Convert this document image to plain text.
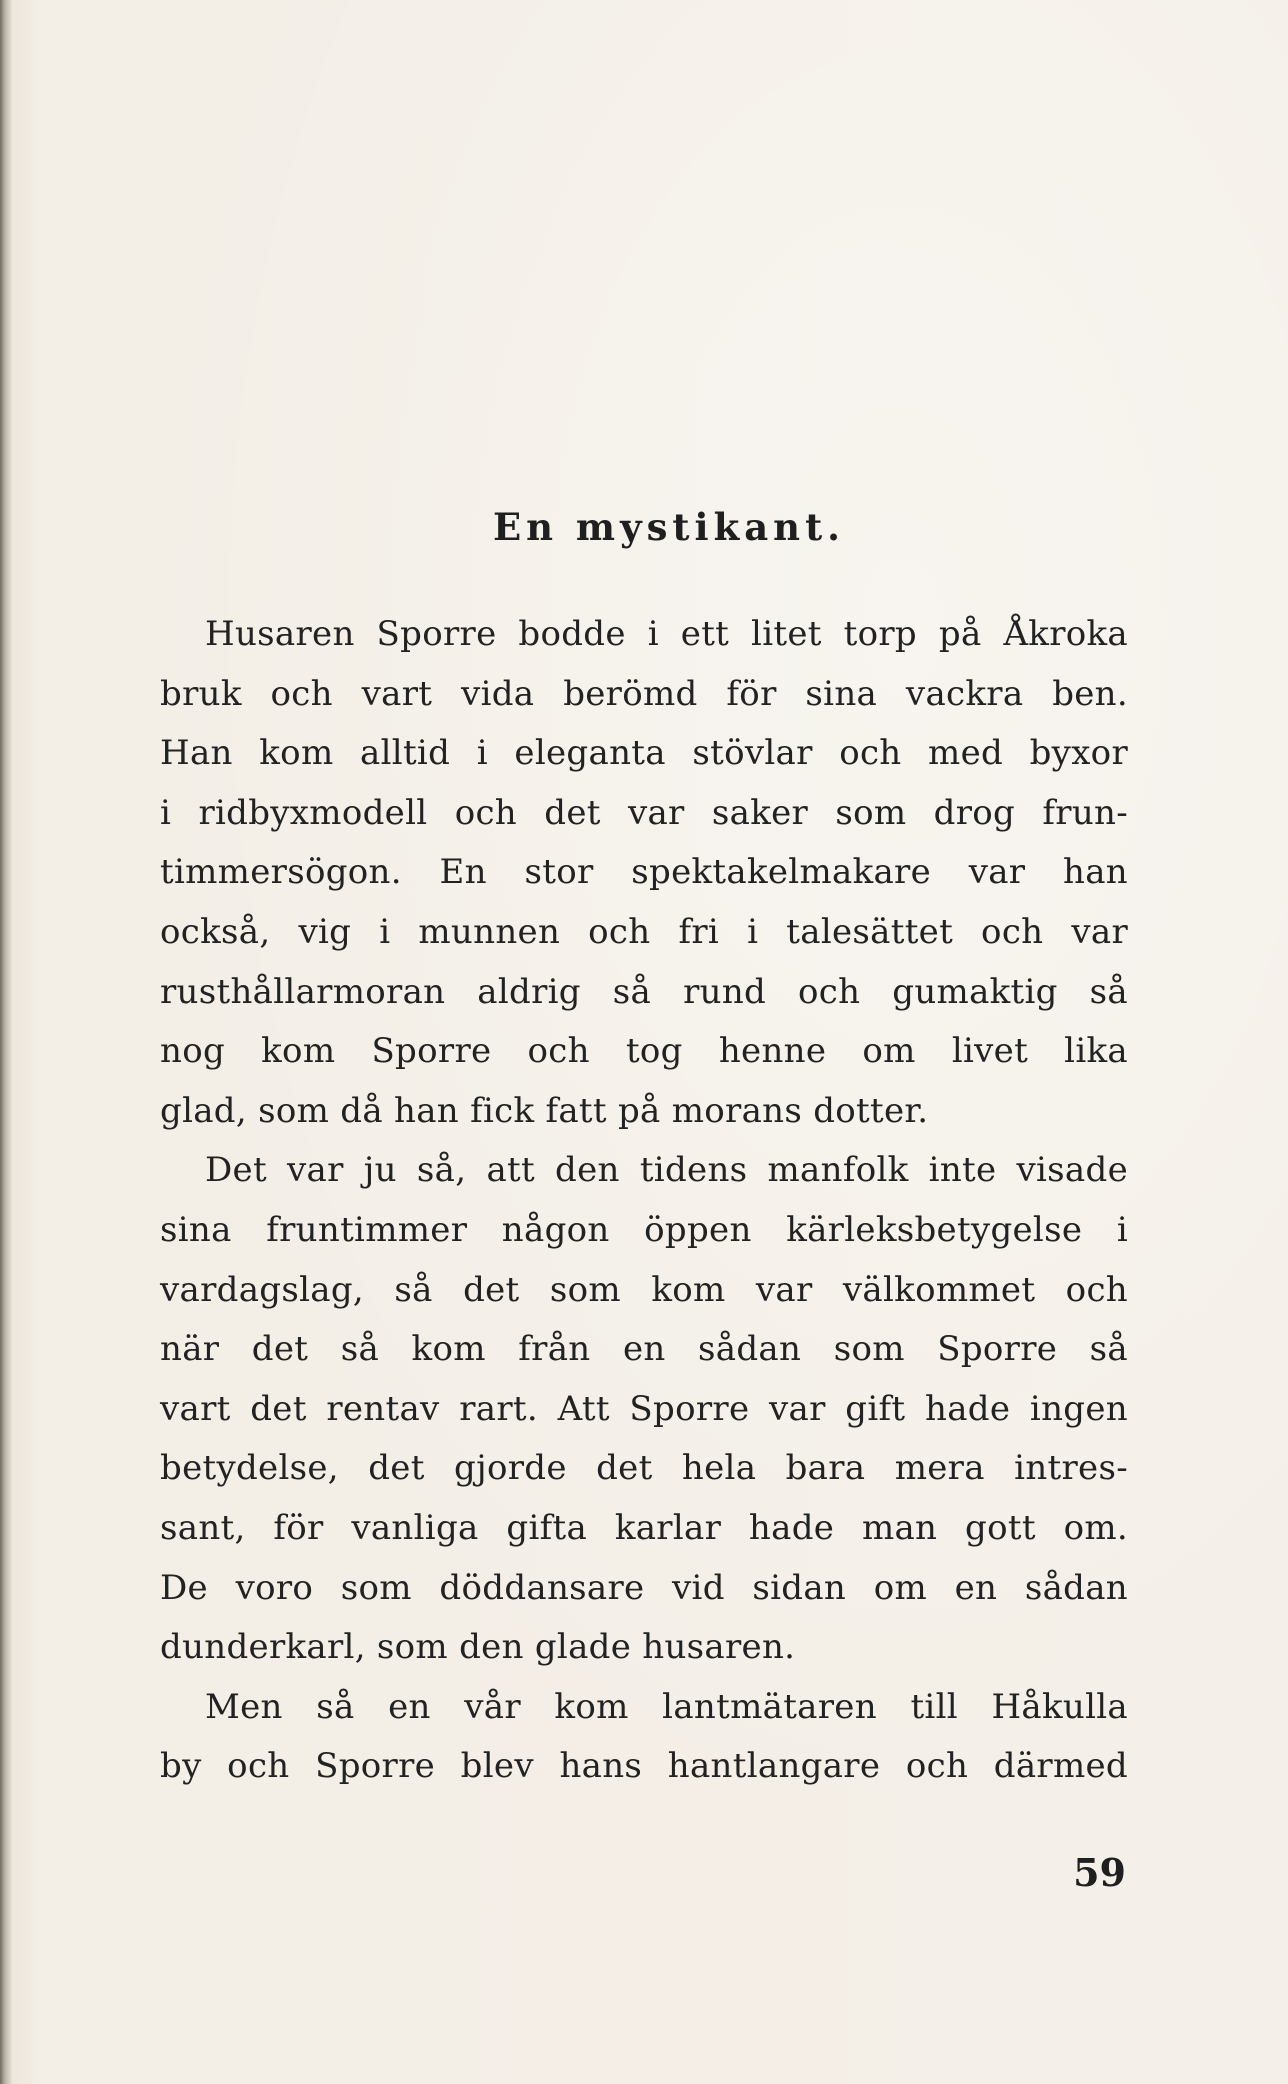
En mystikant.
Husaren Sporre bodde i ett litet torp på Åkroka
bruk och vart vida berömd för sina vackra ben.
Han kom alltid i eleganta stövlar och med byxor
i ridbyxmodell och det var saker som drog frun-
timmersögon. En stor spektakelmakare var han
också, vig i munnen och fri i talesättet och var
rusthållarmoran aldrig så rund och gumaktig så
nog kom Sporre och tog henne om livet lika
glad, som då han fick fatt på morans dotter.
Det var ju så, att den tidens manfolk inte visade
sina fruntimmer någon öppen kärleksbetygelse i
vardagslag, så det som kom var välkommet och
när det så kom från en sådan som Sporre så
vart det rentav rart. Att Sporre var gift hade ingen
betydelse, det gjorde det hela bara mera intres-
sant, för vanliga gifta karlar hade man gott om.
De voro som döddansare vid sidan om en sådan
dunderkarl, som den glade husaren.
Men så en vår kom lantmätaren till Håkulla
by och Sporre blev hans hantlangare och därmed
59
